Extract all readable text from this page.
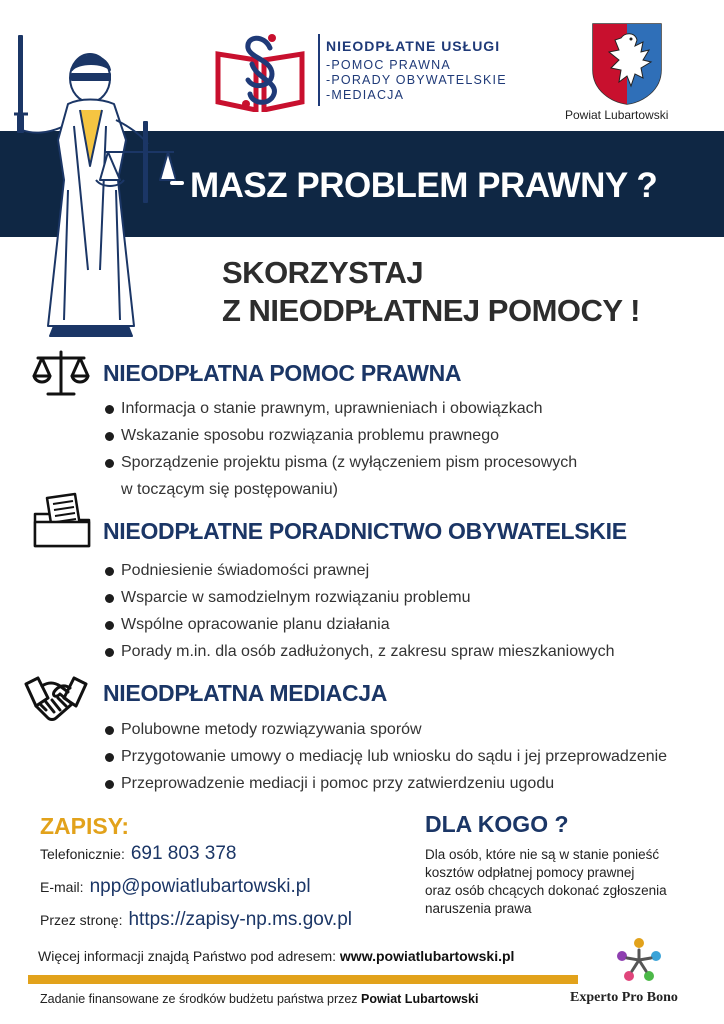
NIEODPŁATNE USŁUGI
-POMOC PRAWNA
-PORADY OBYWATELSKIE
-MEDIACJA
Powiat Lubartowski
MASZ PROBLEM PRAWNY ?
SKORZYSTAJ
Z NIEODPŁATNEJ POMOCY !
NIEODPŁATNA POMOC PRAWNA
Informacja o stanie prawnym, uprawnieniach i obowiązkach
Wskazanie sposobu rozwiązania problemu prawnego
Sporządzenie projektu pisma (z wyłączeniem pism procesowych
w toczącym się postępowaniu)
NIEODPŁATNE PORADNICTWO OBYWATELSKIE
Podniesienie świadomości prawnej
Wsparcie w samodzielnym rozwiązaniu problemu
Wspólne opracowanie planu działania
Porady m.in. dla osób zadłużonych, z zakresu spraw mieszkaniowych
NIEODPŁATNA MEDIACJA
Polubowne metody rozwiązywania sporów
Przygotowanie umowy o mediację lub wniosku do sądu i jej przeprowadzenie
Przeprowadzenie mediacji i pomoc przy zatwierdzeniu ugodu
ZAPISY:
Telefonicznie: 691 803 378
E-mail: npp@powiatlubartowski.pl
Przez stronę: https://zapisy-np.ms.gov.pl
DLA KOGO ?
Dla osób, które nie są w stanie ponieść
kosztów odpłatnej pomocy prawnej
oraz osób chcących dokonać zgłoszenia
naruszenia prawa
Więcej informacji znajdą Państwo pod adresem: www.powiatlubartowski.pl
Zadanie finansowane ze środków budżetu państwa przez Powiat Lubartowski	Experto Pro Bono
